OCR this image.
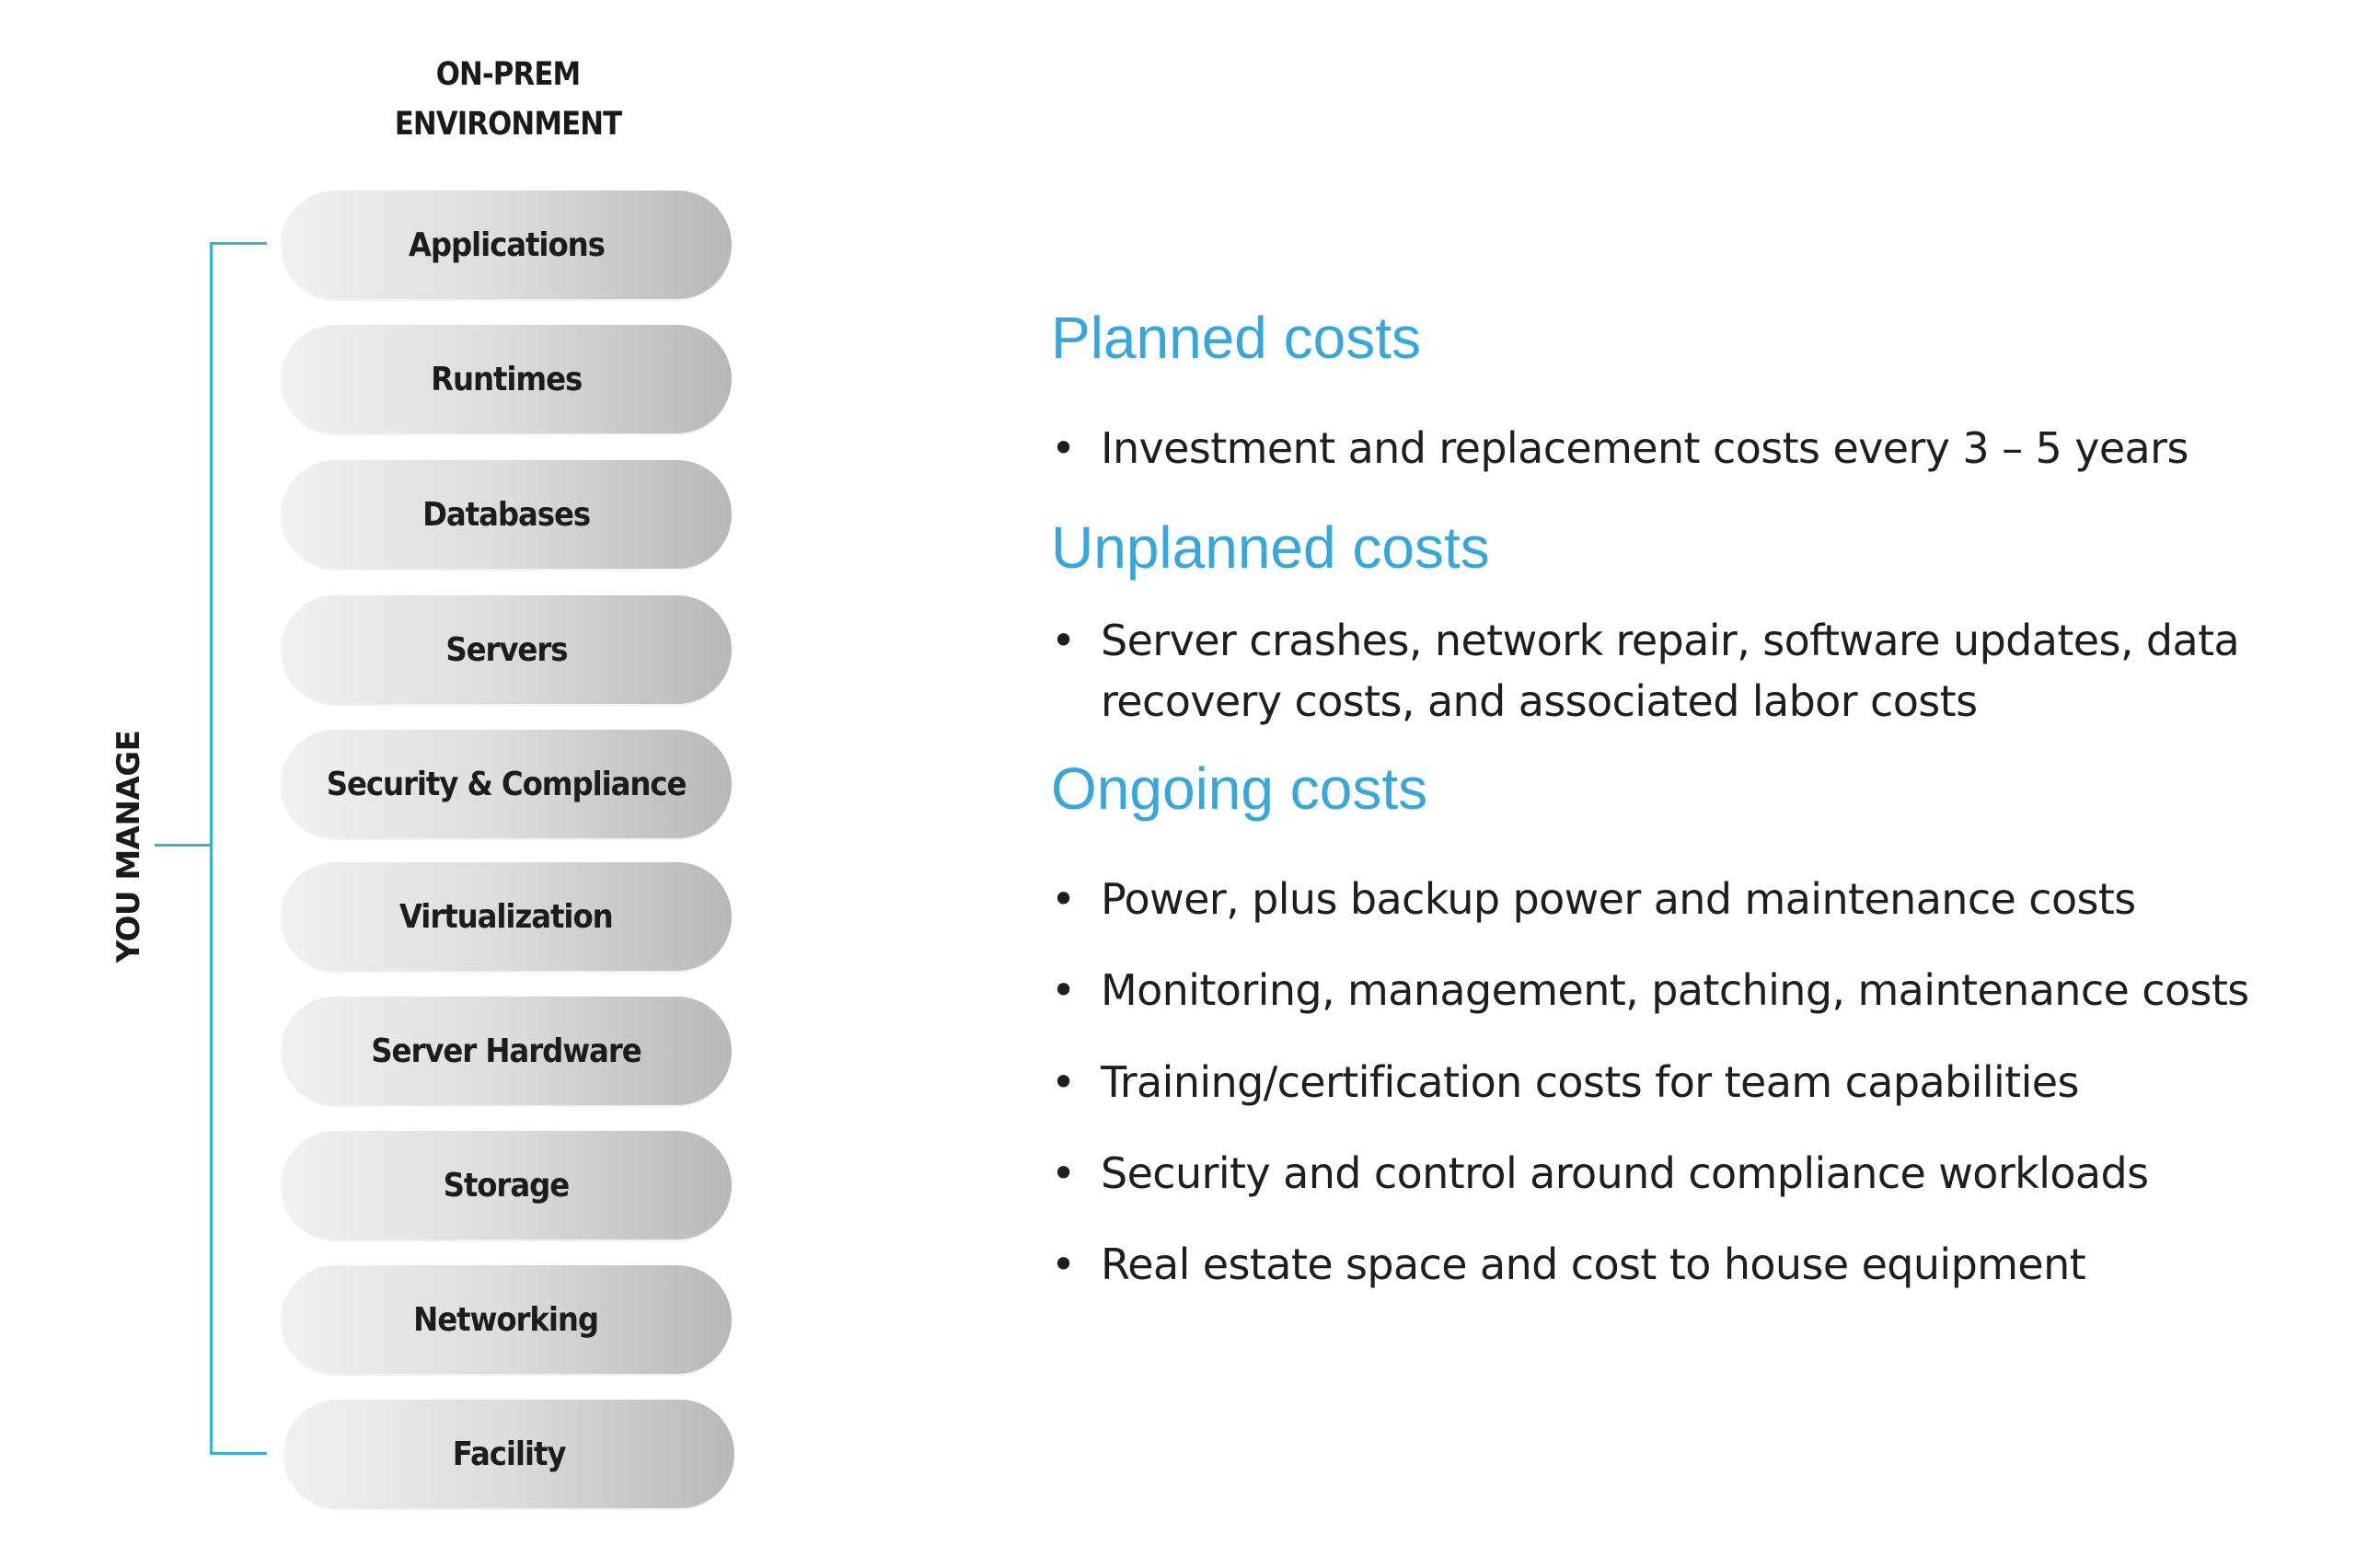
ON-PREM
ENVIRONMENT
YOU MANAGE
Applications
Runtimes
Databases
Servers
Security & Compliance
Virtualization
Server Hardware
Storage
Networking
Facility
Planned costs
• Investment and replacement costs every 3 – 5 years
Unplanned costs
• Server crashes, network repair, software updates, data recovery costs, and associated labor costs
Ongoing costs
• Power, plus backup power and maintenance costs
• Monitoring, management, patching, maintenance costs
• Training/certification costs for team capabilities
• Security and control around compliance workloads
• Real estate space and cost to house equipment
